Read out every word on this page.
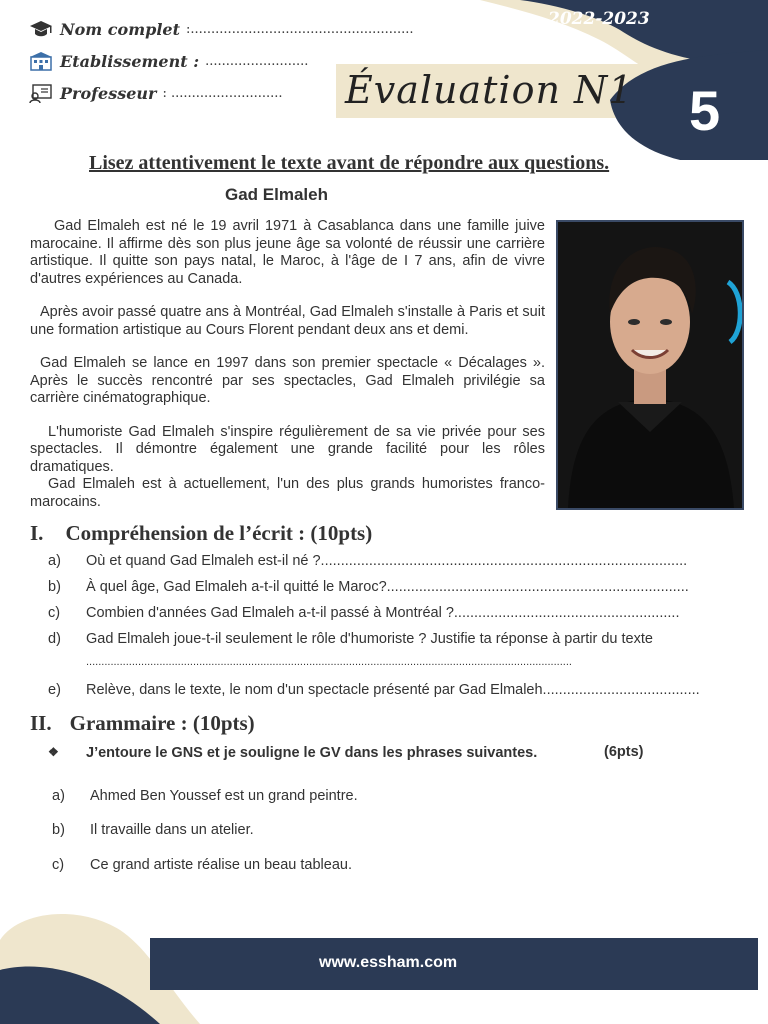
Nom complet :......................................................
Etablissement : .........................
Professeur : ...........................
2022-2023
Évaluation N1 5
Lisez attentivement le texte avant de répondre aux questions.
Gad Elmaleh

Gad Elmaleh est né le 19 avril 1971 à Casablanca dans une famille juive marocaine. Il affirme dès son plus jeune âge sa volonté de réussir une carrière artistique. Il quitte son pays natal, le Maroc, à l'âge de I 7 ans, afin de vivre d'autres expériences au Canada.

Après avoir passé quatre ans à Montréal, Gad Elmaleh s'installe à Paris et suit une formation artistique au Cours Florent pendant deux ans et demi.

Gad Elmaleh se lance en 1997 dans son premier spectacle « Décalages ». Après le succès rencontré par ses spectacles, Gad Elmaleh privilégie sa carrière cinématographique.

L'humoriste Gad Elmaleh s'inspire régulièrement de sa vie privée pour ses spectacles. Il démontre également une grande facilité pour les rôles dramatiques.

Gad Elmaleh est à actuellement, l'un des plus grands humoristes franco-marocains.

I. Compréhension de l’écrit : (10pts)
a)	Où et quand Gad Elmaleh est-il né ?...........................................................................................
b)	À quel âge, Gad Elmaleh a-t-il quitté le Maroc?...........................................................................
c)	Combien d'années Gad Elmaleh a-t-il passé à Montréal ?........................................................
d)	Gad Elmaleh joue-t-il seulement le rôle d'humoriste ? Justifie ta réponse à partir du texte
...............................................................................................................................................................
e)	Relève, dans le texte, le nom d'un spectacle présenté par Gad Elmaleh.......................................
II. Grammaire : (10pts)
❖	J’entoure le GNS et je souligne le GV dans les phrases suivantes.	(6pts)
a)	Ahmed Ben Youssef est un grand peintre.
b)	Il travaille dans un atelier.
c)	Ce grand artiste réalise un beau tableau.
www.essham.com
